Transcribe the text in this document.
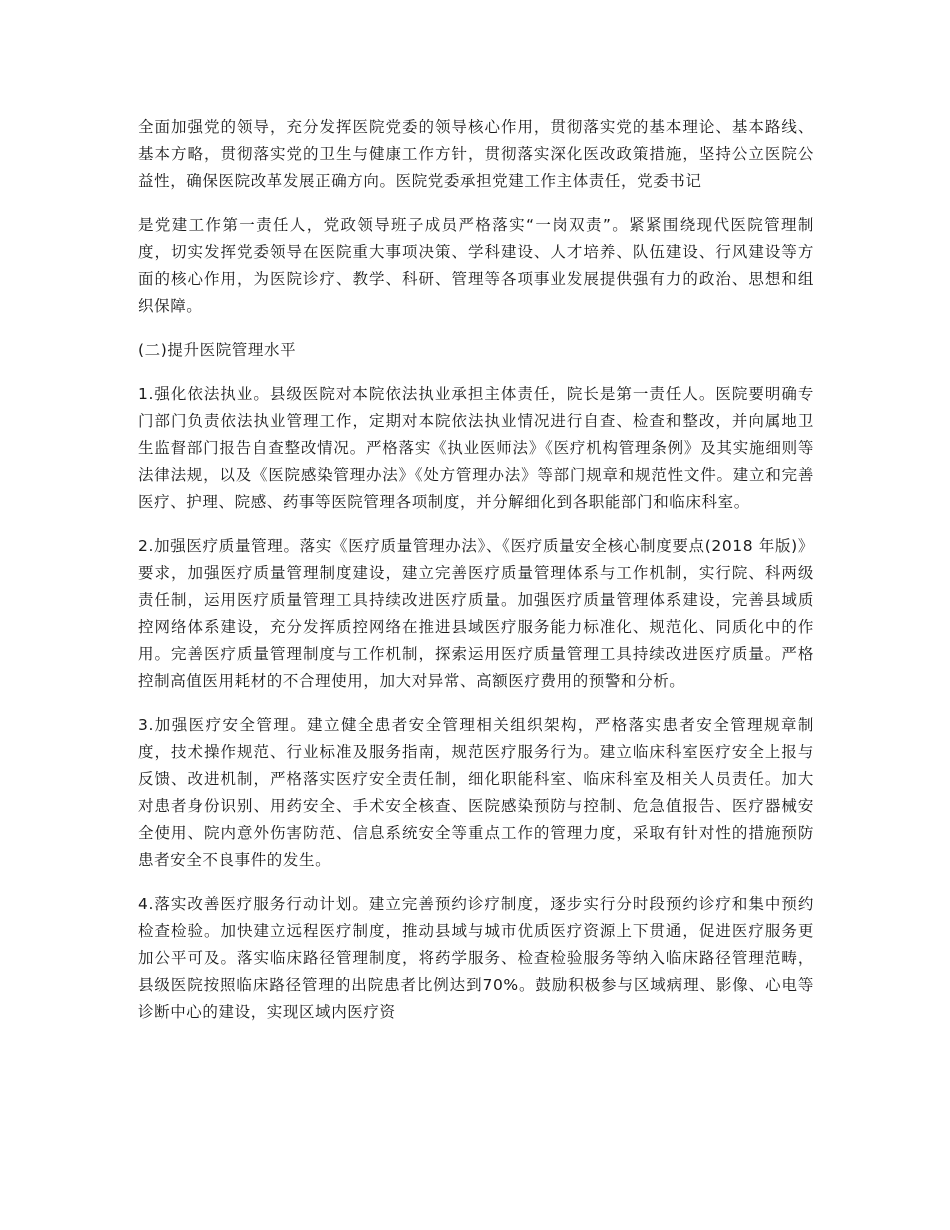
全面加强党的领导，充分发挥医院党委的领导核心作用，贯彻落实党的基本理论、基本路线、基本方略，贯彻落实党的卫生与健康工作方针，贯彻落实深化医改政策措施，坚持公立医院公益性，确保医院改革发展正确方向。医院党委承担党建工作主体责任，党委书记

是党建工作第一责任人，党政领导班子成员严格落实“一岗双责”。紧紧围绕现代医院管理制度，切实发挥党委领导在医院重大事项决策、学科建设、人才培养、队伍建设、行风建设等方面的核心作用，为医院诊疗、教学、科研、管理等各项事业发展提供强有力的政治、思想和组织保障。

(二)提升医院管理水平

1.强化依法执业。县级医院对本院依法执业承担主体责任，院长是第一责任人。医院要明确专门部门负责依法执业管理工作，定期对本院依法执业情况进行自查、检查和整改，并向属地卫生监督部门报告自查整改情况。严格落实《执业医师法》《医疗机构管理条例》及其实施细则等法律法规，以及《医院感染管理办法》《处方管理办法》等部门规章和规范性文件。建立和完善医疗、护理、院感、药事等医院管理各项制度，并分解细化到各职能部门和临床科室。

2.加强医疗质量管理。落实《医疗质量管理办法》、《医疗质量安全核心制度要点(2018 年版)》要求，加强医疗质量管理制度建设，建立完善医疗质量管理体系与工作机制，实行院、科两级责任制，运用医疗质量管理工具持续改进医疗质量。加强医疗质量管理体系建设，完善县域质控网络体系建设，充分发挥质控网络在推进县域医疗服务能力标准化、规范化、同质化中的作用。完善医疗质量管理制度与工作机制，探索运用医疗质量管理工具持续改进医疗质量。严格控制高值医用耗材的不合理使用，加大对异常、高额医疗费用的预警和分析。

3.加强医疗安全管理。建立健全患者安全管理相关组织架构，严格落实患者安全管理规章制度，技术操作规范、行业标准及服务指南，规范医疗服务行为。建立临床科室医疗安全上报与反馈、改进机制，严格落实医疗安全责任制，细化职能科室、临床科室及相关人员责任。加大对患者身份识别、用药安全、手术安全核查、医院感染预防与控制、危急值报告、医疗器械安全使用、院内意外伤害防范、信息系统安全等重点工作的管理力度，采取有针对性的措施预防患者安全不良事件的发生。

4.落实改善医疗服务行动计划。建立完善预约诊疗制度，逐步实行分时段预约诊疗和集中预约检查检验。加快建立远程医疗制度，推动县域与城市优质医疗资源上下贯通，促进医疗服务更加公平可及。落实临床路径管理制度，将药学服务、检查检验服务等纳入临床路径管理范畴，县级医院按照临床路径管理的出院患者比例达到70%。鼓励积极参与区域病理、影像、心电等诊断中心的建设，实现区域内医疗资
